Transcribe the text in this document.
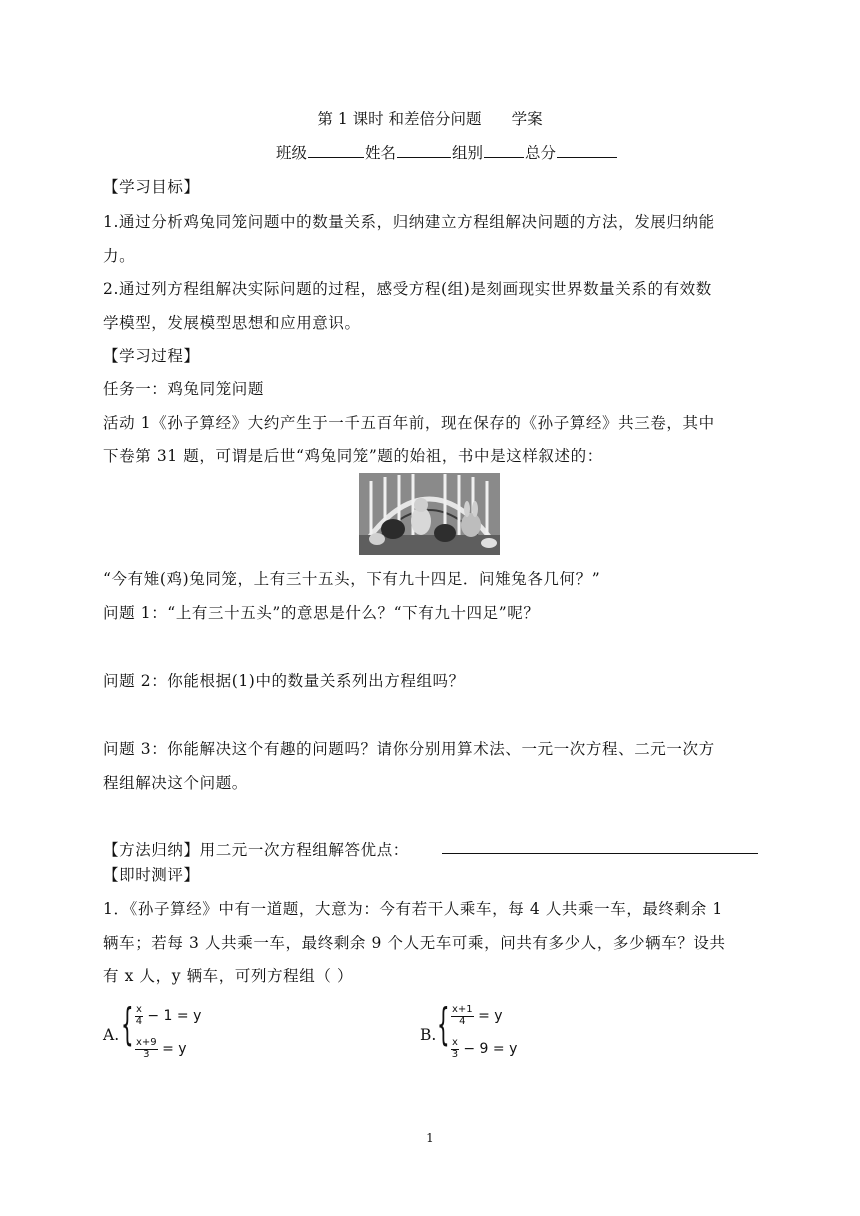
第 1 课时 和差倍分问题 学案
班级	姓名	组别	总分
【学习目标】
1.通过分析鸡兔同笼问题中的数量关系，归纳建立方程组解决问题的方法，发展归纳能
力。
2.通过列方程组解决实际问题的过程，感受方程(组)是刻画现实世界数量关系的有效数
学模型，发展模型思想和应用意识。
【学习过程】
任务一：鸡兔同笼问题
活动 1《孙子算经》大约产生于一千五百年前，现在保存的《孙子算经》共三卷，其中
下卷第 31 题，可谓是后世“鸡兔同笼”题的始祖，书中是这样叙述的：
“今有雉(鸡)兔同笼，上有三十五头，下有九十四足．问雉兔各几何？”
问题 1：“上有三十五头”的意思是什么？“下有九十四足”呢？
问题 2：你能根据(1)中的数量关系列出方程组吗？
问题 3：你能解决这个有趣的问题吗？请你分别用算术法、一元一次方程、二元一次方
程组解决这个问题。
【方法归纳】用二元一次方程组解答优点：
【即时测评】
1．《孙子算经》中有一道题，大意为：今有若干人乘车，每 4 人共乘一车，最终剩余 1
辆车；若每 3 人共乘一车，最终剩余 9 个人无车可乘，问共有多少人，多少辆车？设共
有 x 人，y 辆车，可列方程组（ ）
A. { $\frac{x}{4} - 1 = y$
$\frac{x+9}{3} = y$
B. { $\frac{x+1}{4} = y$
$\frac{x}{3} - 9 = y$
1
